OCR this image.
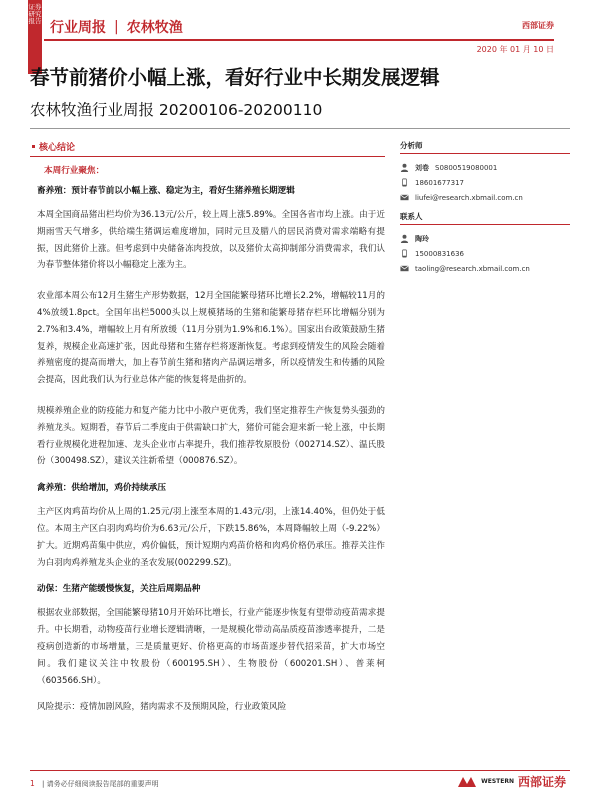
证券研究报告 行业周报 | 农林牧渔	西部证券
2020 年 01 月 10 日
春节前猪价小幅上涨，看好行业中长期发展逻辑
农林牧渔行业周报 20200106-20200110
核心结论
本周行业聚焦：
畜养殖：预计春节前以小幅上涨、稳定为主，看好生猪养殖长期逻辑
本周全国商品猪出栏均价为36.13元/公斤，较上周上涨5.89%。全国各省市均上涨。由于近期雨雪天气增多，供给端生猪调运难度增加，同时元旦及腊八的居民消费对需求端略有提振，因此猪价上涨。但考虑到中央储备冻肉投放，以及猪价太高抑制部分消费需求，我们认为春节整体猪价将以小幅稳定上涨为主。
农业部本周公布12月生猪生产形势数据，12月全国能繁母猪环比增长2.2%，增幅较11月的4%放缓1.8pct。全国年出栏5000头以上规模猪场的生猪和能繁母猪存栏环比增幅分别为2.7%和3.4%，增幅较上月有所放缓（11月分别为1.9%和6.1%）。国家出台政策鼓励生猪复养，规模企业高速扩张，因此母猪和生猪存栏将逐渐恢复。考虑到疫情发生的风险会随着养殖密度的提高而增大，加上春节前生猪和猪肉产品调运增多，所以疫情发生和传播的风险会提高，因此我们认为行业总体产能的恢复将是曲折的。
规模养殖企业的防疫能力和复产能力比中小散户更优秀，我们坚定推荐生产恢复势头强劲的养殖龙头。短期看，春节后二季度由于供需缺口扩大，猪价可能会迎来新一轮上涨，中长期看行业规模化进程加速、龙头企业市占率提升，我们推荐牧原股份（002714.SZ）、温氏股份（300498.SZ），建议关注新希望（000876.SZ）。
禽养殖：供给增加，鸡价持续承压
主产区肉鸡苗均价从上周的1.25元/羽上涨至本周的1.43元/羽，上涨14.40%，但仍处于低位。本周主产区白羽肉鸡均价为6.63元/公斤，下跌15.86%，本周降幅较上周（-9.22%）扩大。近期鸡苗集中供应，鸡价偏低，预计短期内鸡苗价格和肉鸡价格仍承压。推荐关注作为白羽肉鸡养殖龙头企业的圣农发展(002299.SZ)。
动保：生猪产能缓慢恢复，关注后周期品种
根据农业部数据，全国能繁母猪10月开始环比增长，行业产能逐步恢复有望带动疫苗需求提升。中长期看，动物疫苗行业增长逻辑清晰，一是规模化带动高品质疫苗渗透率提升，二是疫病创造新的市场增量，三是质量更好、价格更高的市场苗逐步替代招采苗，扩大市场空间。我们建议关注中牧股份（600195.SH）、生物股份（600201.SH）、普莱柯（603566.SH）。
风险提示：疫情加剧风险，猪肉需求不及预期风险，行业政策风险
分析师
刘卷 S0800519080001
18601677317
liufei@research.xbmail.com.cn
联系人
陶玲
15000831636
taoling@research.xbmail.com.cn
1 | 请务必仔细阅读报告尾部的重要声明	WESTERN 西部证券
